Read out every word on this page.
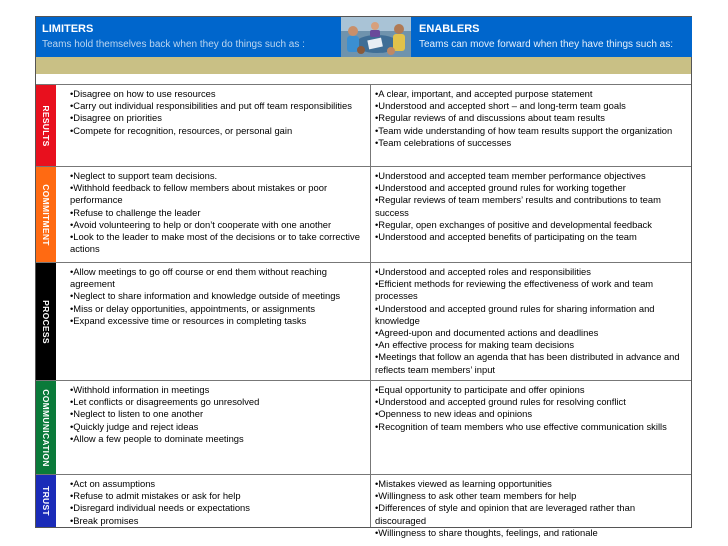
LIMITERS
Teams hold themselves back when they do things such as :
ENABLERS
Teams can move forward when they have things such as:
RESULTS
• Disagree on how to use resources
• Carry out individual responsibilities and put off team responsibilities
• Disagree on priorities
• Compete for recognition, resources, or personal gain
• A clear, important, and accepted purpose statement
• Understood and accepted short – and long-term team goals
• Regular reviews of and discussions about team results
• Team wide understanding of how team results support the organization
• Team celebrations of successes
COMMITMENT
• Neglect to support team decisions.
• Withhold feedback to fellow members about mistakes or poor performance
• Refuse to challenge the leader
• Avoid volunteering to help or don’t cooperate with one another
• Look to the leader to make most of the decisions or to take corrective actions
• Understood and accepted team member performance objectives
• Understood and accepted ground rules for working together
• Regular reviews of team members’ results and contributions to team success
• Regular, open exchanges of positive and developmental feedback
• Understood and accepted benefits of participating on the team
PROCESS
• Allow meetings to go off course or end them without reaching agreement
• Neglect to share information and knowledge outside of meetings
• Miss or delay opportunities, appointments, or assignments
• Expand excessive time or resources in completing tasks
• Understood and accepted roles and responsibilities
• Efficient methods for reviewing the effectiveness of work and team processes
• Understood and accepted ground rules for sharing information and knowledge
• Agreed-upon and documented actions and deadlines
• An effective process for making team decisions
• Meetings that follow an agenda that has been distributed in advance and reflects team members’ input
COMMUNICATION
•	Withhold information in meetings
• Let conflicts or disagreements go unresolved
• Neglect to listen to one another
• Quickly judge and reject ideas
• Allow a few people to dominate meetings
• Equal opportunity to participate and offer opinions
• Understood and accepted ground rules for resolving conflict
• Openness to new ideas and opinions
• Recognition of team members who use effective communication skills
TRUST
• Act on assumptions
• Refuse to admit mistakes or ask for help
• Disregard individual needs or expectations
• Break promises
• Mistakes viewed as learning opportunities
• Willingness to ask other team members for help
• Differences of style and opinion that are leveraged rather than discouraged
• Willingness to share thoughts, feelings, and rationale
